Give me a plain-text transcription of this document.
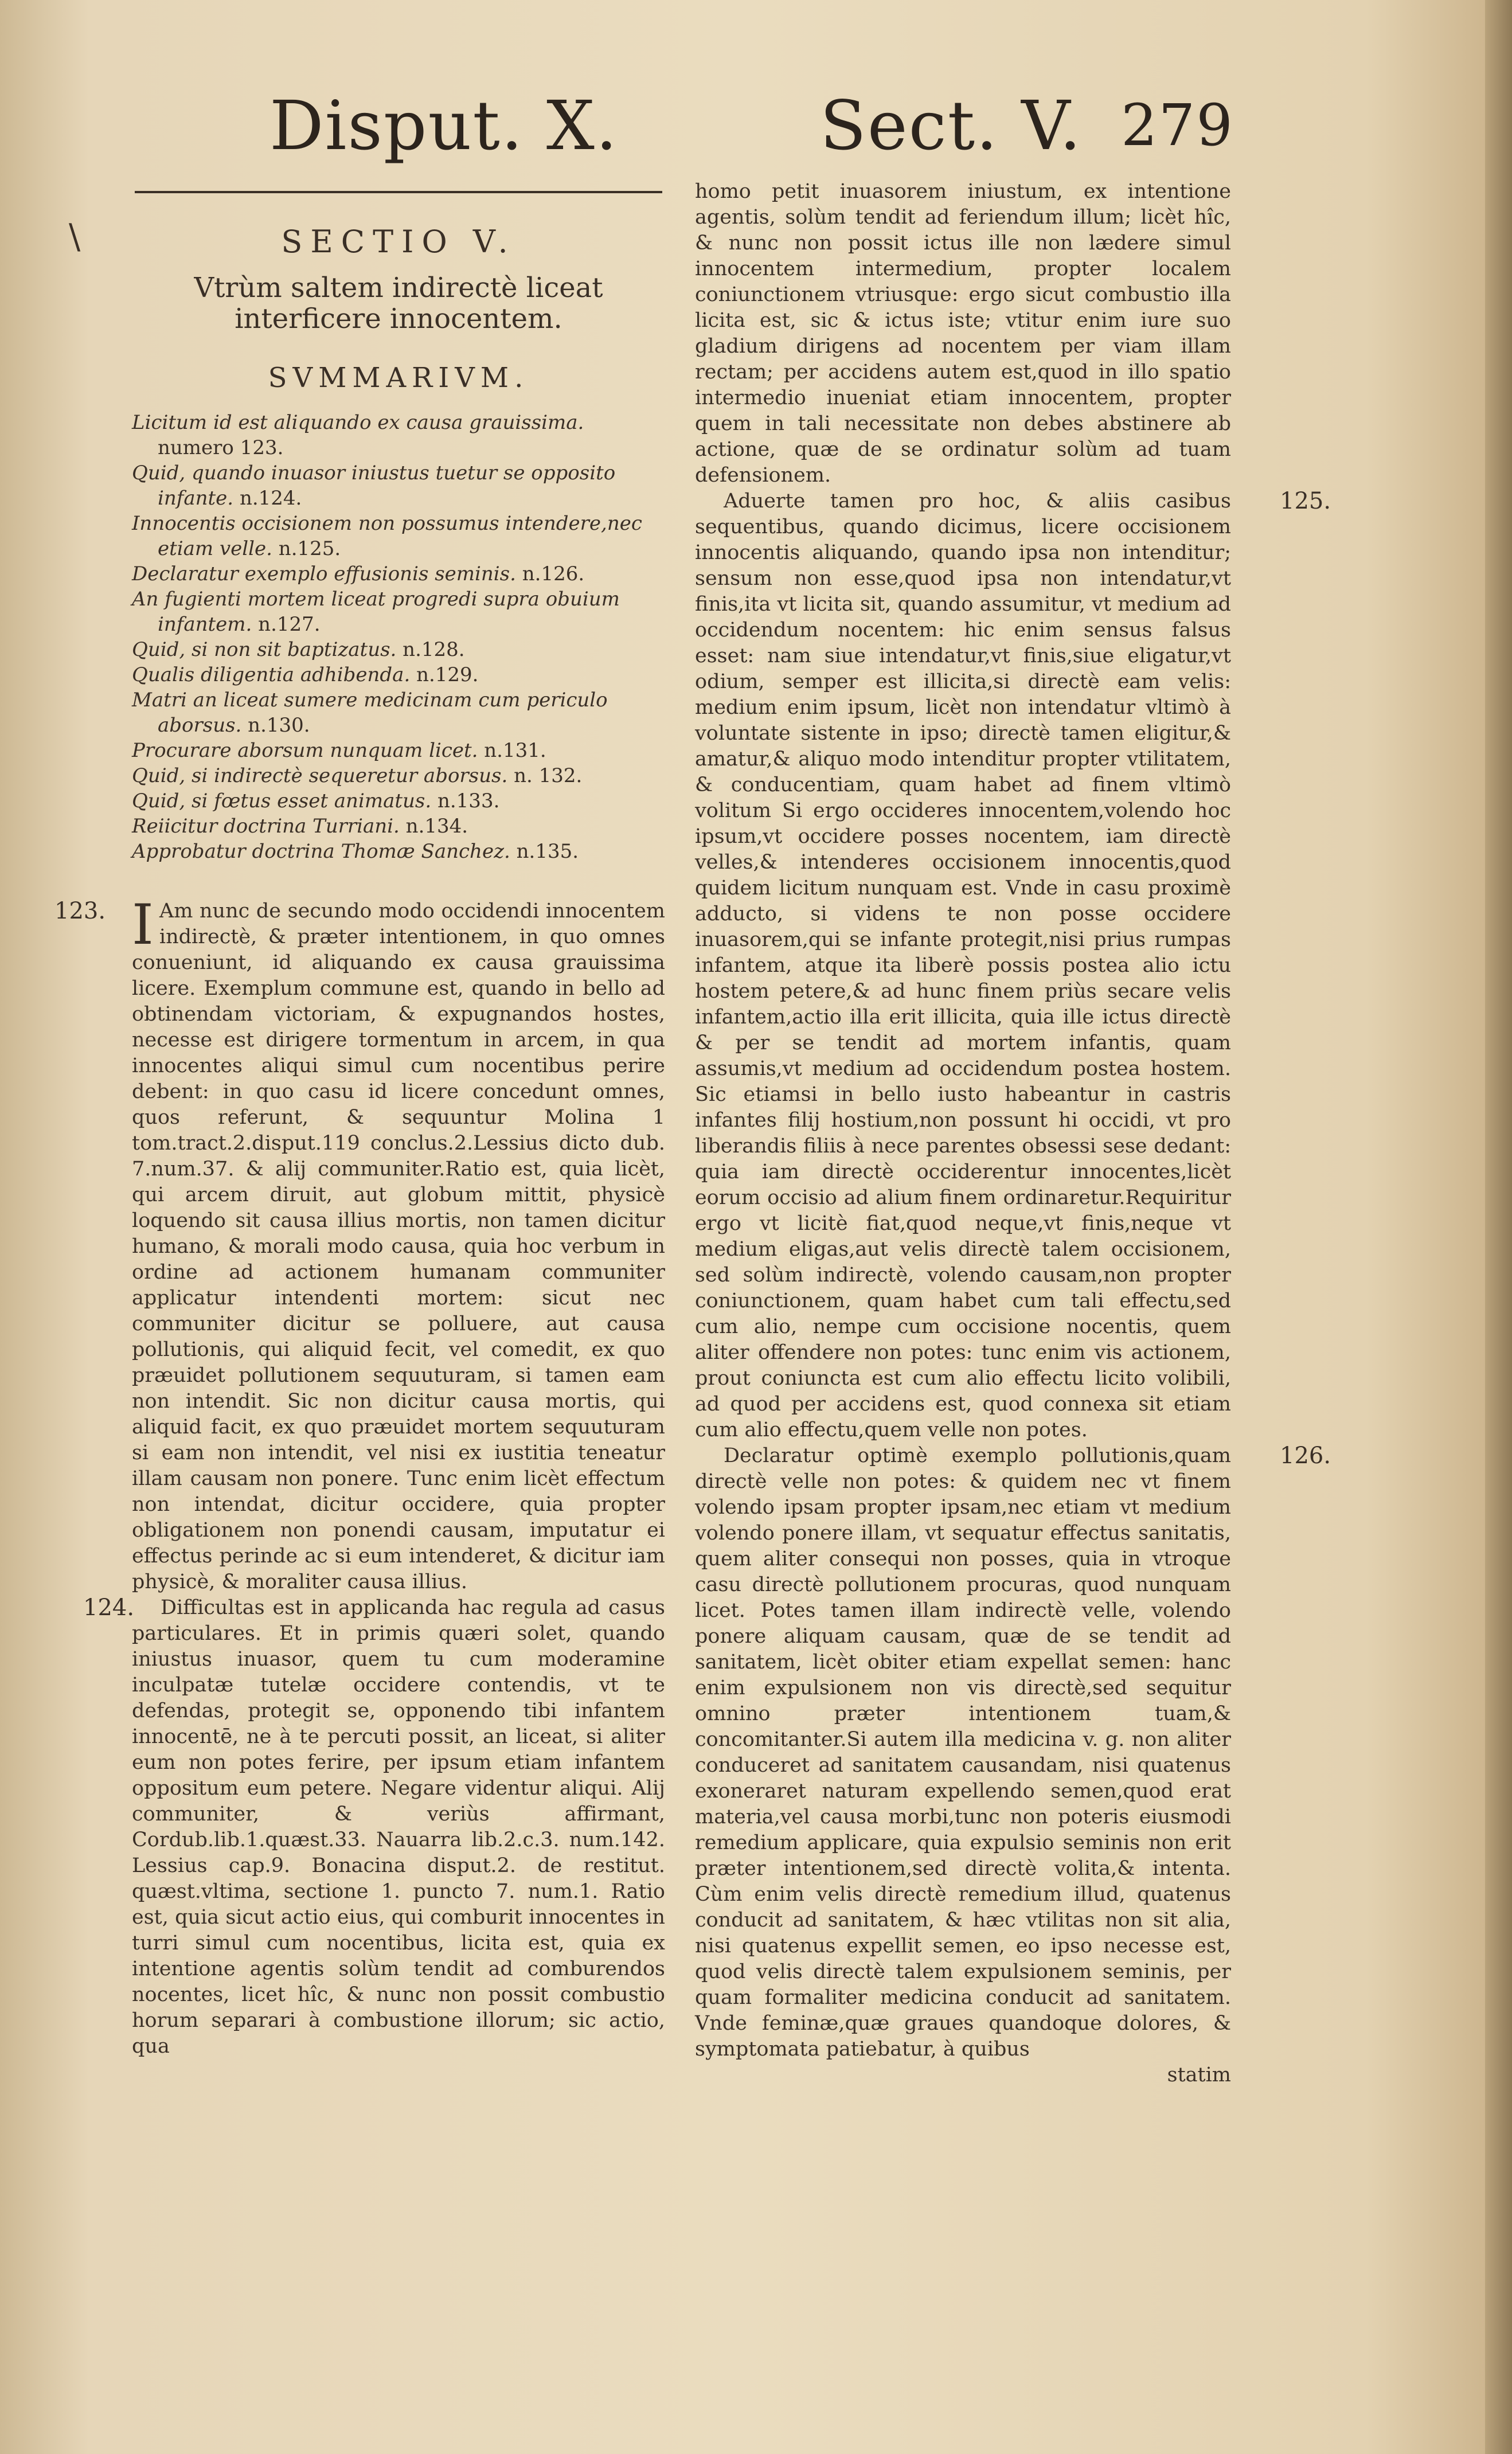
Disput. X.	Sect. V. 279
\	SECTIO V.
Vtrùm saltem indirectè liceat interficere innocentem.
SVMMARIVM.
Licitum id est aliquando ex causa grauissima. numero 123.
Quid, quando inuasor iniustus tuetur se opposito infante. n.124.
Innocentis occisionem non possumus intendere,nec etiam velle. n.125.
Declaratur exemplo effusionis seminis. n.126.
An fugienti mortem liceat progredi supra obuium infantem. n.127.
Quid, si non sit baptizatus. n.128.
Qualis diligentia adhibenda. n.129.
Matri an liceat sumere medicinam cum periculo aborsus. n.130.
Procurare aborsum nunquam licet. n.131.
Quid, si indirectè sequeretur aborsus. n. 132.
Quid, si fœtus esset animatus. n.133.
Reiicitur doctrina Turriani. n.134.
Approbatur doctrina Thomæ Sanchez. n.135.

123. I Am nunc de secundo modo occidendi innocentem indirectè, & præter intentionem, in quo omnes conueniunt, id aliquando ex causa grauissima licere. Exemplum commune est, quando in bello ad obtinendam victoriam, & expugnandos hostes, necesse est dirigere tormentum in arcem, in qua innocentes aliqui simul cum nocentibus perire debent: in quo casu id licere concedunt omnes, quos referunt, & sequuntur Molina 1 tom.tract.2.disput.119 conclus.2.Lessius dicto dub. 7.num.37. & alij communiter.Ratio est, quia licèt, qui arcem diruit, aut globum mittit, physicè loquendo sit causa illius mortis, non tamen dicitur humano, & morali modo causa, quia hoc verbum in ordine ad actionem humanam communiter applicatur intendenti mortem: sicut nec communiter dicitur se polluere, aut causa pollutionis, qui aliquid fecit, vel comedit, ex quo præuidet pollutionem sequuturam, si tamen eam non intendit. Sic non dicitur causa mortis, qui aliquid facit, ex quo præuidet mortem sequuturam si eam non intendit, vel nisi ex iustitia teneatur illam causam non ponere. Tunc enim licèt effectum non intendat, dicitur occidere, quia propter obligationem non ponendi causam, imputatur ei effectus perinde ac si eum intenderet, & dicitur iam physicè, & moraliter causa illius.

124. Difficultas est in applicanda hac regula ad casus particulares. Et in primis quæri solet, quando iniustus inuasor, quem tu cum moderamine inculpatæ tutelæ occidere contendis, vt te defendas, protegit se, opponendo tibi infantem innocentē, ne à te percuti possit, an liceat, si aliter eum non potes ferire, per ipsum etiam infantem oppositum eum petere. Negare videntur aliqui. Alij communiter, & veriùs affirmant, Cordub.lib.1.quæst.33. Nauarra lib.2.c.3. num.142. Lessius cap.9. Bonacina disput.2. de restitut. quæst.vltima, sectione 1. puncto 7. num.1. Ratio est, quia sicut actio eius, qui comburit innocentes in turri simul cum nocentibus, licita est, quia ex intentione agentis solùm tendit ad comburendos nocentes, licet hîc, & nunc non possit combustio horum separari à combustione illorum; sic actio, qua

homo petit inuasorem iniustum, ex intentione agentis, solùm tendit ad feriendum illum; licèt hîc, & nunc non possit ictus ille non lædere simul innocentem intermedium, propter localem coniunctionem vtriusque: ergo sicut combustio illa licita est, sic & ictus iste; vtitur enim iure suo gladium dirigens ad nocentem per viam illam rectam; per accidens autem est,quod in illo spatio intermedio inueniat etiam innocentem, propter quem in tali necessitate non debes abstinere ab actione, quæ de se ordinatur solùm ad tuam defensionem.

125.
Aduerte tamen pro hoc, & aliis casibus sequentibus, quando dicimus, licere occisionem innocentis aliquando, quando ipsa non intenditur; sensum non esse,quod ipsa non intendatur,vt finis,ita vt licita sit, quando assumitur, vt medium ad occidendum nocentem: hic enim sensus falsus esset: nam siue intendatur,vt finis,siue eligatur,vt odium, semper est illicita,si directè eam velis: medium enim ipsum, licèt non intendatur vltimò à voluntate sistente in ipso; directè tamen eligitur,& amatur,& aliquo modo intenditur propter vtilitatem, & conducentiam, quam habet ad finem vltimò volitum Si ergo occideres innocentem,volendo hoc ipsum,vt occidere posses nocentem, iam directè velles,& intenderes occisionem innocentis,quod quidem licitum nunquam est. Vnde in casu proximè adducto, si videns te non posse occidere inuasorem,qui se infante protegit,nisi prius rumpas infantem, atque ita liberè possis postea alio ictu hostem petere,& ad hunc finem priùs secare velis infantem,actio illa erit illicita, quia ille ictus directè & per se tendit ad mortem infantis, quam assumis,vt medium ad occidendum postea hostem. Sic etiamsi in bello iusto habeantur in castris infantes filij hostium,non possunt hi occidi, vt pro liberandis filiis à nece parentes obsessi sese dedant: quia iam directè occiderentur innocentes,licèt eorum occisio ad alium finem ordinaretur.Requiritur ergo vt licitè fiat,quod neque,vt finis,neque vt medium eligas,aut velis directè talem occisionem, sed solùm indirectè, volendo causam,non propter coniunctionem, quam habet cum tali effectu,sed cum alio, nempe cum occisione nocentis, quem aliter offendere non potes: tunc enim vis actionem, prout coniuncta est cum alio effectu licito volibili, ad quod per accidens est, quod connexa sit etiam cum alio effectu,quem velle non potes.

126.
Declaratur optimè exemplo pollutionis,quam directè velle non potes: & quidem nec vt finem volendo ipsam propter ipsam,nec etiam vt medium volendo ponere illam, vt sequatur effectus sanitatis, quem aliter consequi non posses, quia in vtroque casu directè pollutionem procuras, quod nunquam licet. Potes tamen illam indirectè velle, volendo ponere aliquam causam, quæ de se tendit ad sanitatem, licèt obiter etiam expellat semen: hanc enim expulsionem non vis directè,sed sequitur omnino præter intentionem tuam,& concomitanter.Si autem illa medicina v. g. non aliter conduceret ad sanitatem causandam, nisi quatenus exoneraret naturam expellendo semen,quod erat materia,vel causa morbi,tunc non poteris eiusmodi remedium applicare, quia expulsio seminis non erit præter intentionem,sed directè volita,& intenta. Cùm enim velis directè remedium illud, quatenus conducit ad sanitatem, & hæc vtilitas non sit alia, nisi quatenus expellit semen, eo ipso necesse est, quod velis directè talem expulsionem seminis, per quam formaliter medicina conducit ad sanitatem. Vnde feminæ,quæ graues quandoque dolores, & symptomata patiebatur, à quibus

statim
